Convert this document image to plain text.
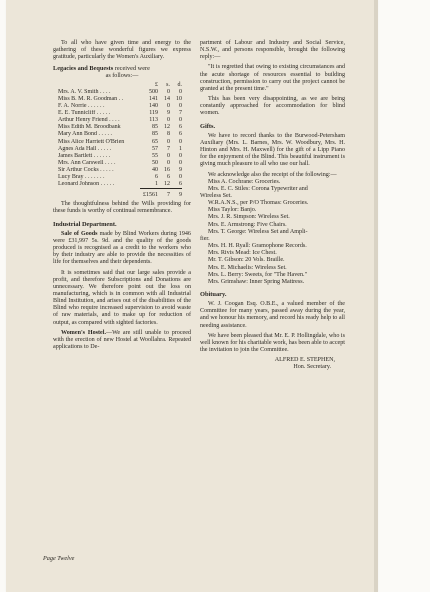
To all who have given time and energy to the gathering of these wonderful figures we express gratitude, particularly the Women's Auxiliary.

Legacies and Bequests received were
as follows:—
	£	s.	d.
Mrs. A. V. Smith . . . .	500	0	0
Miss B. M. R. Goodman . .	141	14	10
F. A. Norrie . . . . . .	140	0	0
E. E. Tunnicliff . . . . .	119	9	7
Arthur Henry Friend . . . .	113	0	0
Miss Edith M. Broodbank	85	12	6
Mary Ann Bond . . . . .	85	8	6
Miss Alice Harriett O'Brien	65	0	0
Agnes Ada Hall . . . . .	57	7	1
James Bartlett . . . . . .	55	0	0
Mrs. Ann Carswell . . . .	50	0	0
Sir Arthur Cocks . . . . .	40	16	9
Lucy Bray . . . . . . .	6	6	0
Leonard Johnson . . . . .	1	12	6
	£1561	7	9

The thoughtfulness behind the Wills providing for these funds is worthy of continual remembrance.

Industrial Department.

Sale of Goods made by Blind Workers during 1946 were £31,997 5s. 9d. and the quality of the goods produced is recognised as a credit to the workers who by their industry are able to provide the necessities of life for themselves and their dependents.

It is sometimes said that our large sales provide a profit, and therefore Subscriptions and Donations are unnecessary. We therefore point out the loss on manufacturing, which is in common with all Industrial Blind Institution, and arises out of the disabilities of the Blind who require increased supervision to avoid waste of raw materials, and to make up for reduction of output, as compared with sighted factories.

Women's Hostel.—We are still unable to proceed with the erection of new Hostel at Woollahra. Repeated applications to De-

partment of Labour and Industry and Social Service, N.S.W., and persons responsible, brought the following reply:—

"It is regretted that owing to existing circumstances and the acute shortage of resources essential to building construction, permission to carry out the project cannot be granted at the present time."

This has been very disappointing, as we are being constantly approached for accommodation for blind women.

Gifts.

We have to record thanks to the Burwood-Petersham Auxiliary (Mrs. L. Barnes, Mrs. W. Woodbury, Mrs. H. Hinton and Mrs. H. Maxwell) for the gift of a Lipp Piano for the enjoyment of the Blind. This beautiful instrument is giving much pleasure to all who use our hall.

We acknowledge also the receipt of the following:—

Miss A. Cochrane: Groceries.

Mrs. E. C. Stiles: Corona Typewriter and

Wireless Set.

W.R.A.N.S., per P/O Thomas: Groceries.

Miss Taylor: Banjo.

Mrs. J. R. Simpson: Wireless Set.

Mrs. E. Armstrong: Five Chairs.

Mrs. T. George: Wireless Set and Ampli-

fier.

Mrs. H. H. Ryall: Gramophone Records.

Mrs. Rivis Mead: Ice Chest.

Mr. T. Gibson: 20 Vols. Braille.

Mrs. E. Michaelis: Wireless Set.

Mrs. L. Berry: Sweets, for "The Haven."

Mrs. Grimshaw: Inner Spring Mattress.

Obituary.

W. J. Coogan Esq. O.B.E., a valued member of the Committee for many years, passed away during the year, and we honour his memory, and record his ready help to all needing assistance.

We have been pleased that Mr. E. P. Hollingdale, who is well known for his charitable work, has been able to accept the invitation to join the Committee.

ALFRED E. STEPHEN,

Hon. Secretary.

Page Twelve
